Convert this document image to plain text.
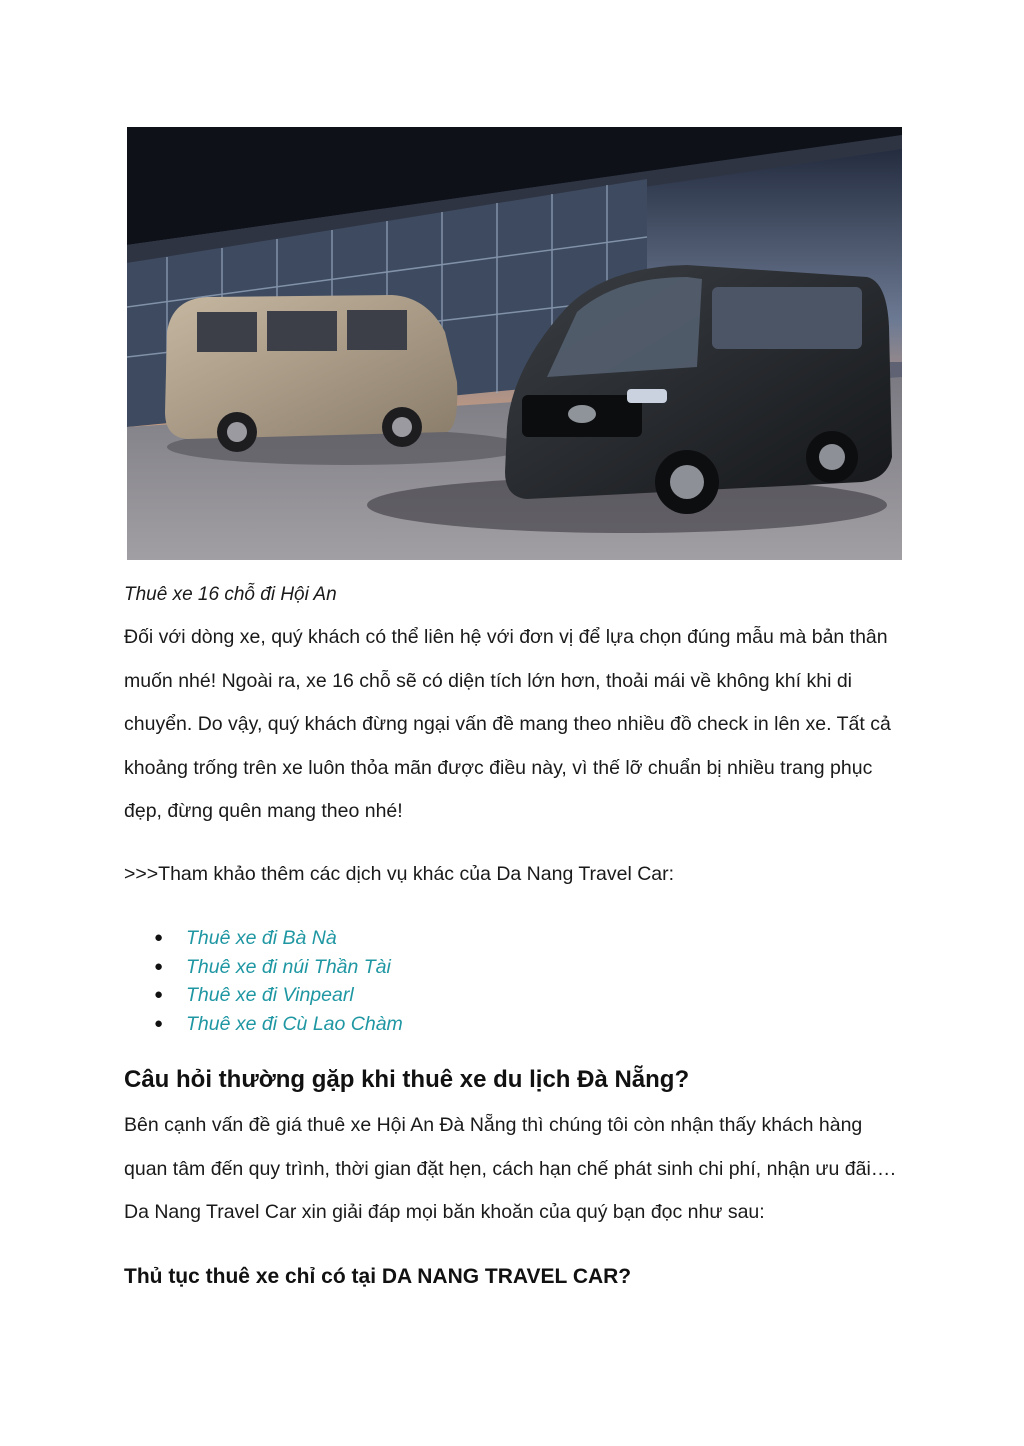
Thuê xe 16 chỗ đi Hội An

Đối với dòng xe, quý khách có thể liên hệ với đơn vị để lựa chọn đúng mẫu mà bản thân muốn nhé! Ngoài ra, xe 16 chỗ sẽ có diện tích lớn hơn, thoải mái về không khí khi di chuyển. Do vậy, quý khách đừng ngại vấn đề mang theo nhiều đồ check in lên xe. Tất cả khoảng trống trên xe luôn thỏa mãn được điều này, vì thế lỡ chuẩn bị nhiều trang phục đẹp, đừng quên mang theo nhé!

>>>Tham khảo thêm các dịch vụ khác của Da Nang Travel Car:

● Thuê xe đi Bà Nà
● Thuê xe đi núi Thần Tài
● Thuê xe đi Vinpearl
● Thuê xe đi Cù Lao Chàm
Câu hỏi thường gặp khi thuê xe du lịch Đà Nẵng?

Bên cạnh vấn đề giá thuê xe Hội An Đà Nẵng thì chúng tôi còn nhận thấy khách hàng quan tâm đến quy trình, thời gian đặt hẹn, cách hạn chế phát sinh chi phí, nhận ưu đãi…. Da Nang Travel Car xin giải đáp mọi băn khoăn của quý bạn đọc như sau:

Thủ tục thuê xe chỉ có tại DA NANG TRAVEL CAR?
